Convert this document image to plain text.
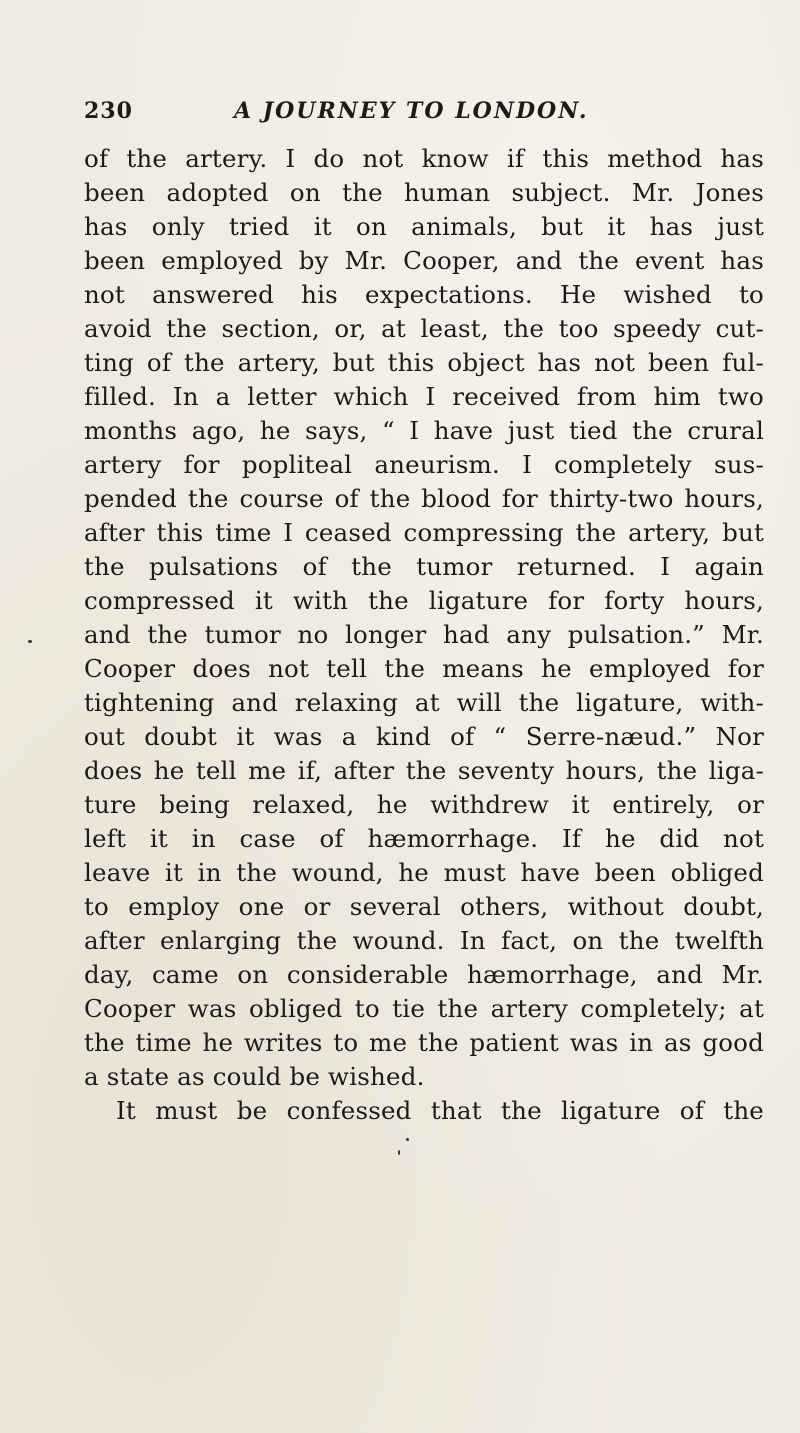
230	A JOURNEY TO LONDON.
of the artery. I do not know if this method has
been adopted on the human subject. Mr. Jones
has only tried it on animals, but it has just
been employed by Mr. Cooper, and the event has
not answered his expectations. He wished to
avoid the section, or, at least, the too speedy cut-
ting of the artery, but this object has not been ful-
filled. In a letter which I received from him two
months ago, he says, “ I have just tied the crural
artery for popliteal aneurism. I completely sus-
pended the course of the blood for thirty-two hours,
after this time I ceased compressing the artery, but
the pulsations of the tumor returned. I again
compressed it with the ligature for forty hours,
and the tumor no longer had any pulsation.” Mr.
Cooper does not tell the means he employed for
tightening and relaxing at will the ligature, with-
out doubt it was a kind of “ Serre-næud.” Nor
does he tell me if, after the seventy hours, the liga-
ture being relaxed, he withdrew it entirely, or
left it in case of hæmorrhage. If he did not
leave it in the wound, he must have been obliged
to employ one or several others, without doubt,
after enlarging the wound. In fact, on the twelfth
day, came on considerable hæmorrhage, and Mr.
Cooper was obliged to tie the artery completely; at
the time he writes to me the patient was in as good
a state as could be wished.
It must be confessed that the ligature of the
